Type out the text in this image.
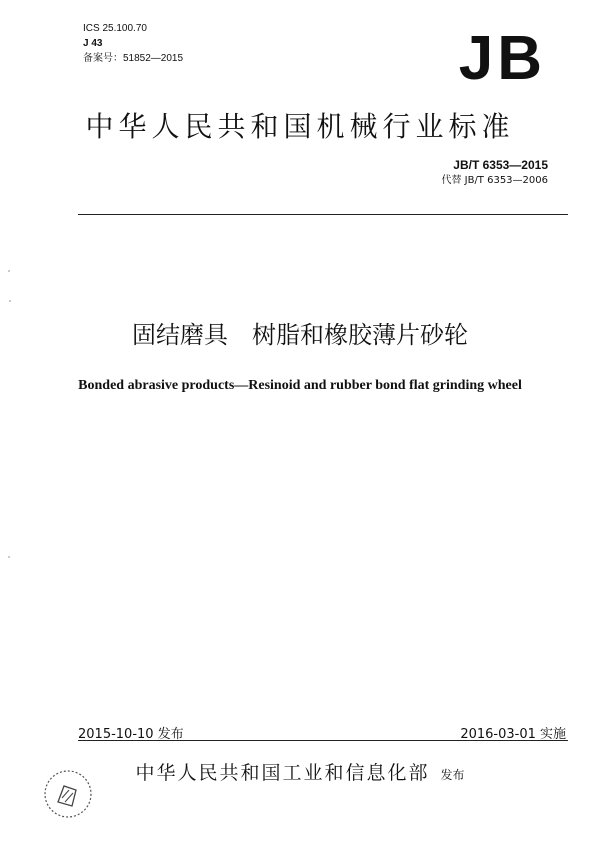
ICS 25.100.70
J 43
备案号：51852—2015	JB
中华人民共和国机械行业标准
JB/T 6353—2015
代替 JB/T 6353—2006
固结磨具　树脂和橡胶薄片砂轮
Bonded abrasive products—Resinoid and rubber bond flat grinding wheel
2015-10-10 发布	2016-03-01 实施
中华人民共和国工业和信息化部 发布
